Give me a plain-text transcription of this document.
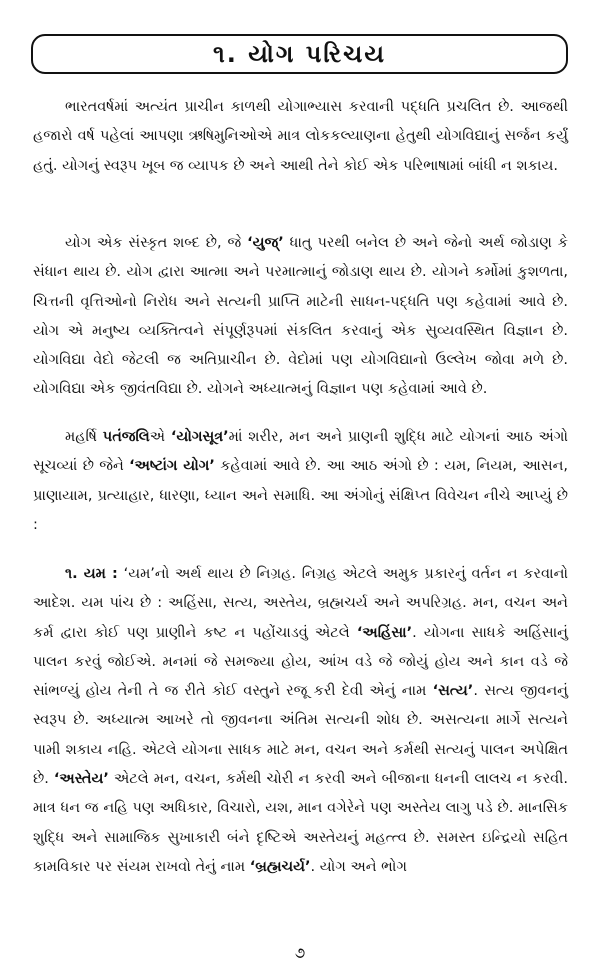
૧. યોગ પરિચય

ભારતવર્ષમાં અત્યંત પ્રાચીન કાળથી યોગાભ્યાસ કરવાની પદ્ધતિ પ્રચલિત છે. આજથી હજારો વર્ષ પહેલાં આપણા ઋષિમુનિઓએ માત્ર લોકકલ્યાણના હેતુથી યોગવિદ્યાનું સર્જન કર્યું હતું. યોગનું સ્વરૂપ ખૂબ જ વ્યાપક છે અને આથી તેને કોઈ એક પરિભાષામાં બાંધી ન શકાય.

યોગ એક સંસ્કૃત શબ્દ છે, જે ‘યુજ્’ ધાતુ પરથી બનેલ છે અને જેનો અર્થ જોડાણ કે સંધાન થાય છે. યોગ દ્વારા આત્મા અને પરમાત્માનું જોડાણ થાય છે. યોગને કર્મોમાં કુશળતા, ચિત્તની વૃત્તિઓનો નિરોધ અને સત્યની પ્રાપ્તિ માટેની સાધન-પદ્ધતિ પણ કહેવામાં આવે છે. યોગ એ મનુષ્ય વ્યક્તિત્વને સંપૂર્ણરૂપમાં સંકલિત કરવાનું એક સુવ્યવસ્થિત વિજ્ઞાન છે. યોગવિદ્યા વેદો જેટલી જ અતિપ્રાચીન છે. વેદોમાં પણ યોગવિદ્યાનો ઉલ્લેખ જોવા મળે છે. યોગવિદ્યા એક જીવંતવિદ્યા છે. યોગને અધ્યાત્મનું વિજ્ઞાન પણ કહેવામાં આવે છે.

મહર્ષિ પતંજલિએ ‘યોગસૂત્ર’માં શરીર, મન અને પ્રાણની શુદ્ધિ માટે યોગનાં આઠ અંગો સૂચવ્યાં છે જેને ‘અષ્ટાંગ યોગ’ કહેવામાં આવે છે. આ આઠ અંગો છે : યમ, નિયમ, આસન, પ્રાણાયામ, પ્રત્યાહાર, ધારણા, ધ્યાન અને સમાધિ. આ અંગોનું સંક્ષિપ્ત વિવેચન નીચે આપ્યું છે :

૧. યમ : ‘યમ’નો અર્થ થાય છે નિગ્રહ. નિગ્રહ એટલે અમુક પ્રકારનું વર્તન ન કરવાનો આદેશ. યમ પાંચ છે : અહિંસા, સત્ય, અસ્તેય, બ્રહ્મચર્ય અને અપરિગ્રહ. મન, વચન અને કર્મ દ્વારા કોઈ પણ પ્રાણીને કષ્ટ ન પહોંચાડવું એટલે ‘અહિંસા’. યોગના સાધકે અહિંસાનું પાલન કરવું જોઈએ. મનમાં જે સમજ્યા હોય, આંખ વડે જે જોયું હોય અને કાન વડે જે સાંભળ્યું હોય તેની તે જ રીતે કોઈ વસ્તુને રજૂ કરી દેવી એનું નામ ‘સત્ય’. સત્ય જીવનનું સ્વરૂપ છે. અધ્યાત્મ આખરે તો જીવનના અંતિમ સત્યની શોધ છે. અસત્યના માર્ગે સત્યને પામી શકાય નહિ. એટલે યોગના સાધક માટે મન, વચન અને કર્મથી સત્યનું પાલન અપેક્ષિત છે. ‘અસ્તેય’ એટલે મન, વચન, કર્મથી ચોરી ન કરવી અને બીજાના ધનની લાલચ ન કરવી. માત્ર ધન જ નહિ પણ અધિકાર, વિચારો, યશ, માન વગેરેને પણ અસ્તેય લાગુ પડે છે. માનસિક શુદ્ધિ અને સામાજિક સુખાકારી બંને દૃષ્ટિએ અસ્તેયનું મહત્ત્વ છે. સમસ્ત ઇન્દ્રિયો સહિત કામવિકાર પર સંયમ રાખવો તેનું નામ ‘બ્રહ્મચર્ય’. યોગ અને ભોગ

૭
